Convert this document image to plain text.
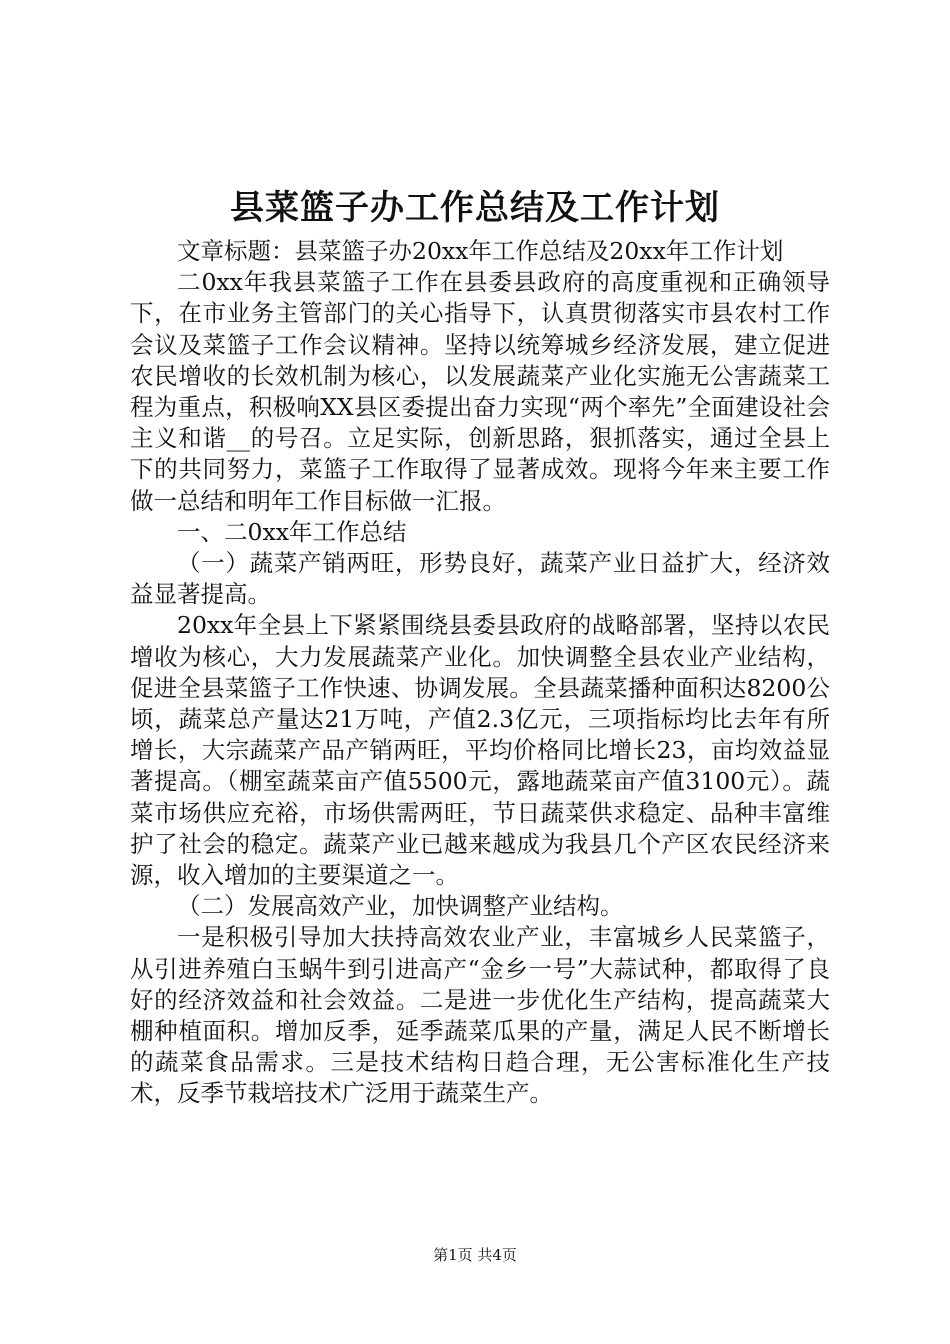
县菜篮子办工作总结及工作计划

文章标题：县菜篮子办20xx年工作总结及20xx年工作计划

二0xx年我县菜篮子工作在县委县政府的高度重视和正确领导下，在市业务主管部门的关心指导下，认真贯彻落实市县农村工作会议及菜篮子工作会议精神。坚持以统筹城乡经济发展，建立促进农民增收的长效机制为核心，以发展蔬菜产业化实施无公害蔬菜工程为重点，积极响XX县区委提出奋力实现“两个率先”全面建设社会主义和谐__的号召。立足实际，创新思路，狠抓落实，通过全县上下的共同努力，菜篮子工作取得了显著成效。现将今年来主要工作做一总结和明年工作目标做一汇报。

一、二0xx年工作总结

（一）蔬菜产销两旺，形势良好，蔬菜产业日益扩大，经济效益显著提高。

20xx年全县上下紧紧围绕县委县政府的战略部署，坚持以农民增收为核心，大力发展蔬菜产业化。加快调整全县农业产业结构，促进全县菜篮子工作快速、协调发展。全县蔬菜播种面积达8200公顷，蔬菜总产量达21万吨，产值2.3亿元，三项指标均比去年有所增长，大宗蔬菜产品产销两旺，平均价格同比增长23，亩均效益显著提高。（棚室蔬菜亩产值5500元，露地蔬菜亩产值3100元）。蔬菜市场供应充裕，市场供需两旺，节日蔬菜供求稳定、品种丰富维护了社会的稳定。蔬菜产业已越来越成为我县几个产区农民经济来源，收入增加的主要渠道之一。

（二）发展高效产业，加快调整产业结构。

一是积极引导加大扶持高效农业产业，丰富城乡人民菜篮子，从引进养殖白玉蜗牛到引进高产“金乡一号”大蒜试种，都取得了良好的经济效益和社会效益。二是进一步优化生产结构，提高蔬菜大棚种植面积。增加反季，延季蔬菜瓜果的产量，满足人民不断增长的蔬菜食品需求。三是技术结构日趋合理，无公害标准化生产技术，反季节栽培技术广泛用于蔬菜生产。

第1页 共4页
